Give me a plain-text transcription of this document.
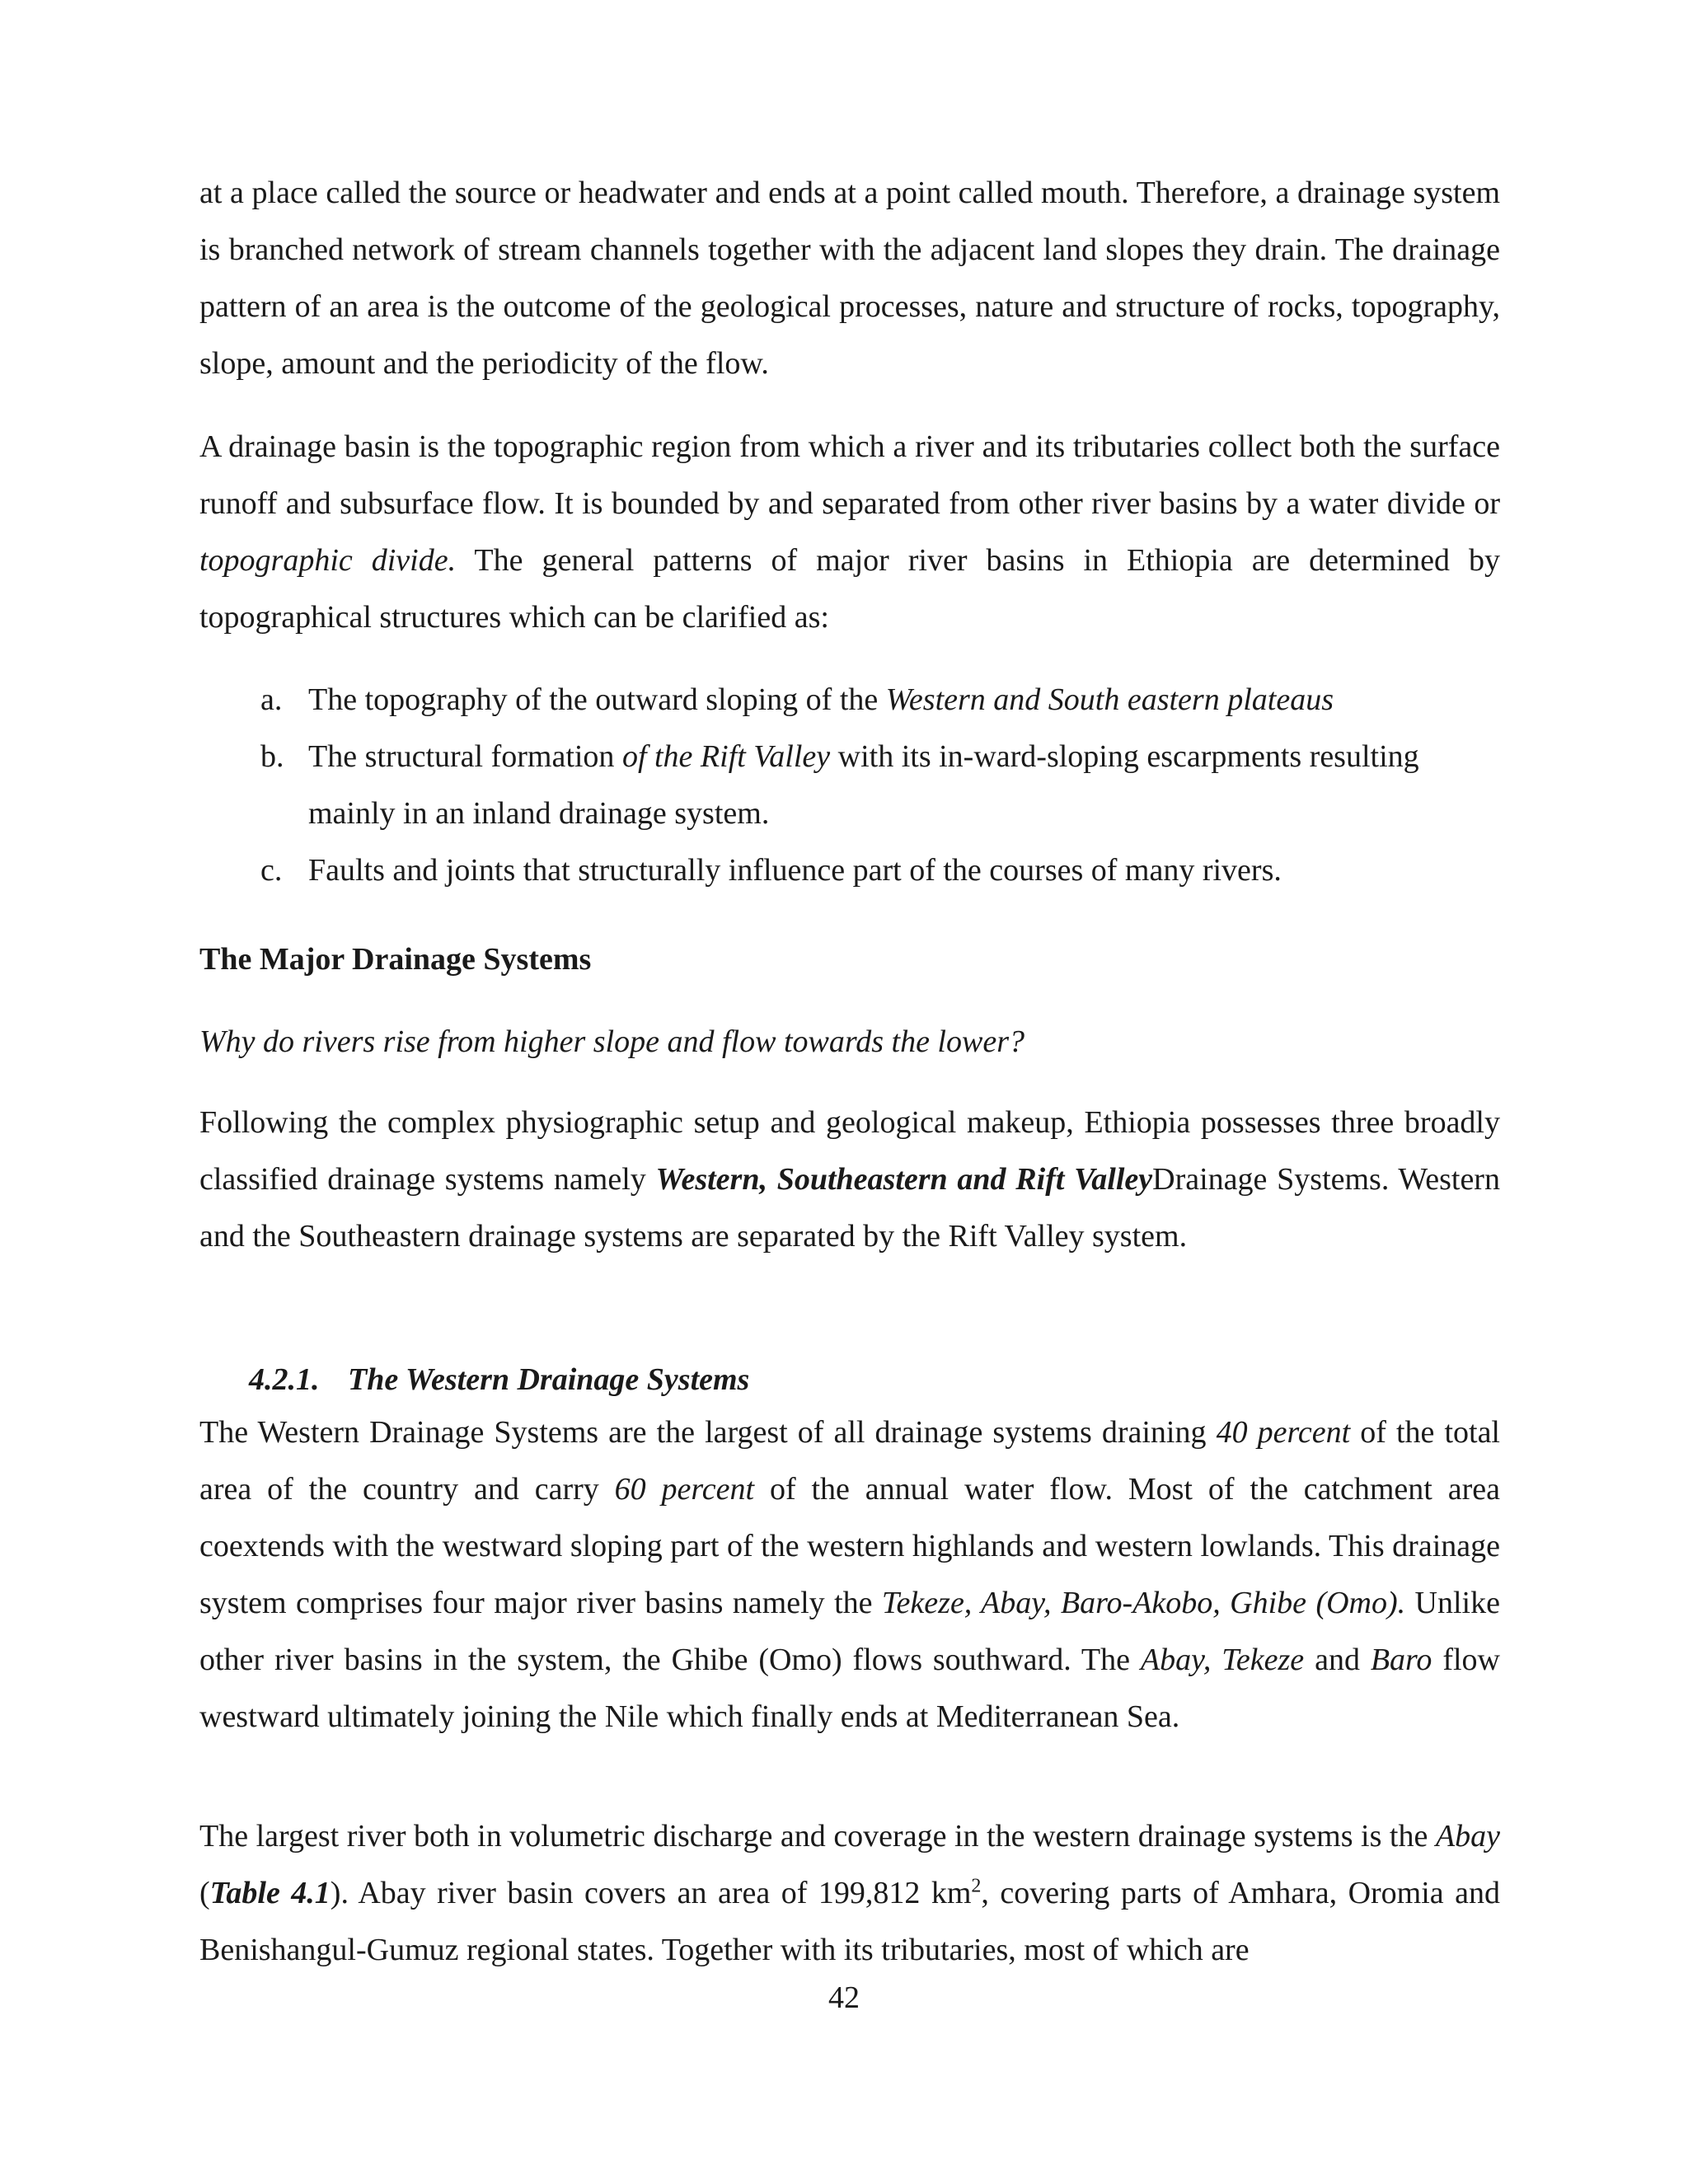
at a place called the source or headwater and ends at a point called mouth. Therefore, a drainage system is branched network of stream channels together with the adjacent land slopes they drain. The drainage pattern of an area is the outcome of the geological processes, nature and structure of rocks, topography, slope, amount and the periodicity of the flow.

A drainage basin is the topographic region from which a river and its tributaries collect both the surface runoff and subsurface flow. It is bounded by and separated from other river basins by a water divide or topographic divide. The general patterns of major river basins in Ethiopia are determined by topographical structures which can be clarified as:

a. The topography of the outward sloping of the Western and South eastern plateaus
b. The structural formation of the Rift Valley with its in-ward-sloping escarpments resulting mainly in an inland drainage system.
c. Faults and joints that structurally influence part of the courses of many rivers.

The Major Drainage Systems

Why do rivers rise from higher slope and flow towards the lower?

Following the complex physiographic setup and geological makeup, Ethiopia possesses three broadly classified drainage systems namely Western, Southeastern and Rift ValleyDrainage Systems. Western and the Southeastern drainage systems are separated by the Rift Valley system.

4.2.1. The Western Drainage Systems

The Western Drainage Systems are the largest of all drainage systems draining 40 percent of the total area of the country and carry 60 percent of the annual water flow. Most of the catchment area coextends with the westward sloping part of the western highlands and western lowlands. This drainage system comprises four major river basins namely the Tekeze, Abay, Baro-Akobo, Ghibe (Omo). Unlike other river basins in the system, the Ghibe (Omo) flows southward. The Abay, Tekeze and Baro flow westward ultimately joining the Nile which finally ends at Mediterranean Sea.

The largest river both in volumetric discharge and coverage in the western drainage systems is the Abay (Table 4.1). Abay river basin covers an area of 199,812 $km^2$, covering parts of Amhara, Oromia and Benishangul-Gumuz regional states. Together with its tributaries, most of which are

42
